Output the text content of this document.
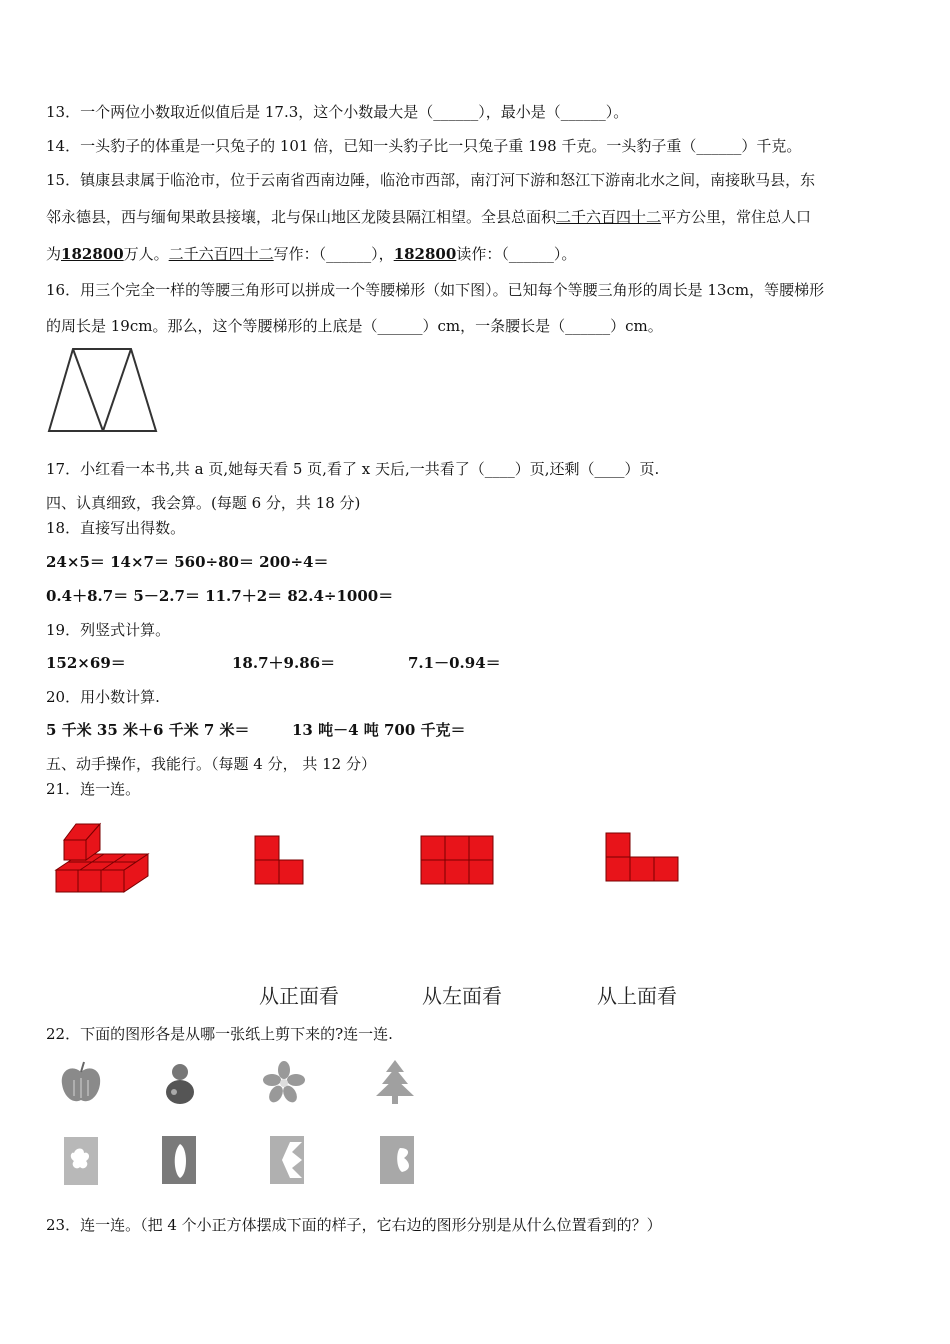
13．一个两位小数取近似值后是 17.3，这个小数最大是（______），最小是（______）。
14．一头豹子的体重是一只兔子的 101 倍，已知一头豹子比一只兔子重 198 千克。一头豹子重（______）千克。
15．镇康县隶属于临沧市，位于云南省西南边陲，临沧市西部，南汀河下游和怒江下游南北水之间，南接耿马县，东
邻永德县，西与缅甸果敢县接壤，北与保山地区龙陵县隔江相望。全县总面积二千六百四十二平方公里，常住总人口
为182800万人。二千六百四十二写作：（______），182800读作：（______）。
16．用三个完全一样的等腰三角形可以拼成一个等腰梯形（如下图）。已知每个等腰三角形的周长是 13cm，等腰梯形
的周长是 19cm。那么，这个等腰梯形的上底是（______）cm，一条腰长是（______）cm。
17．小红看一本书,共 a 页,她每天看 5 页,看了 x 天后,一共看了（____）页,还剩（____）页.
四、认真细致，我会算。(每题 6 分，共 18 分)
18．直接写出得数。
24×5＝ 14×7＝ 560÷80＝ 200÷4＝
0.4＋8.7＝ 5－2.7＝ 11.7＋2＝ 82.4÷1000＝
19．列竖式计算。
152×69＝	18.7＋9.86＝	7.1－0.94＝
20．用小数计算.
5 千米 35 米＋6 千米 7 米＝	13 吨－4 吨 700 千克＝
五、动手操作，我能行。（每题 4 分， 共 12 分）
21．连一连。
从正面看	从左面看	从上面看
22．下面的图形各是从哪一张纸上剪下来的?连一连.
23．连一连。（把 4 个小正方体摆成下面的样子，它右边的图形分别是从什么位置看到的？）
